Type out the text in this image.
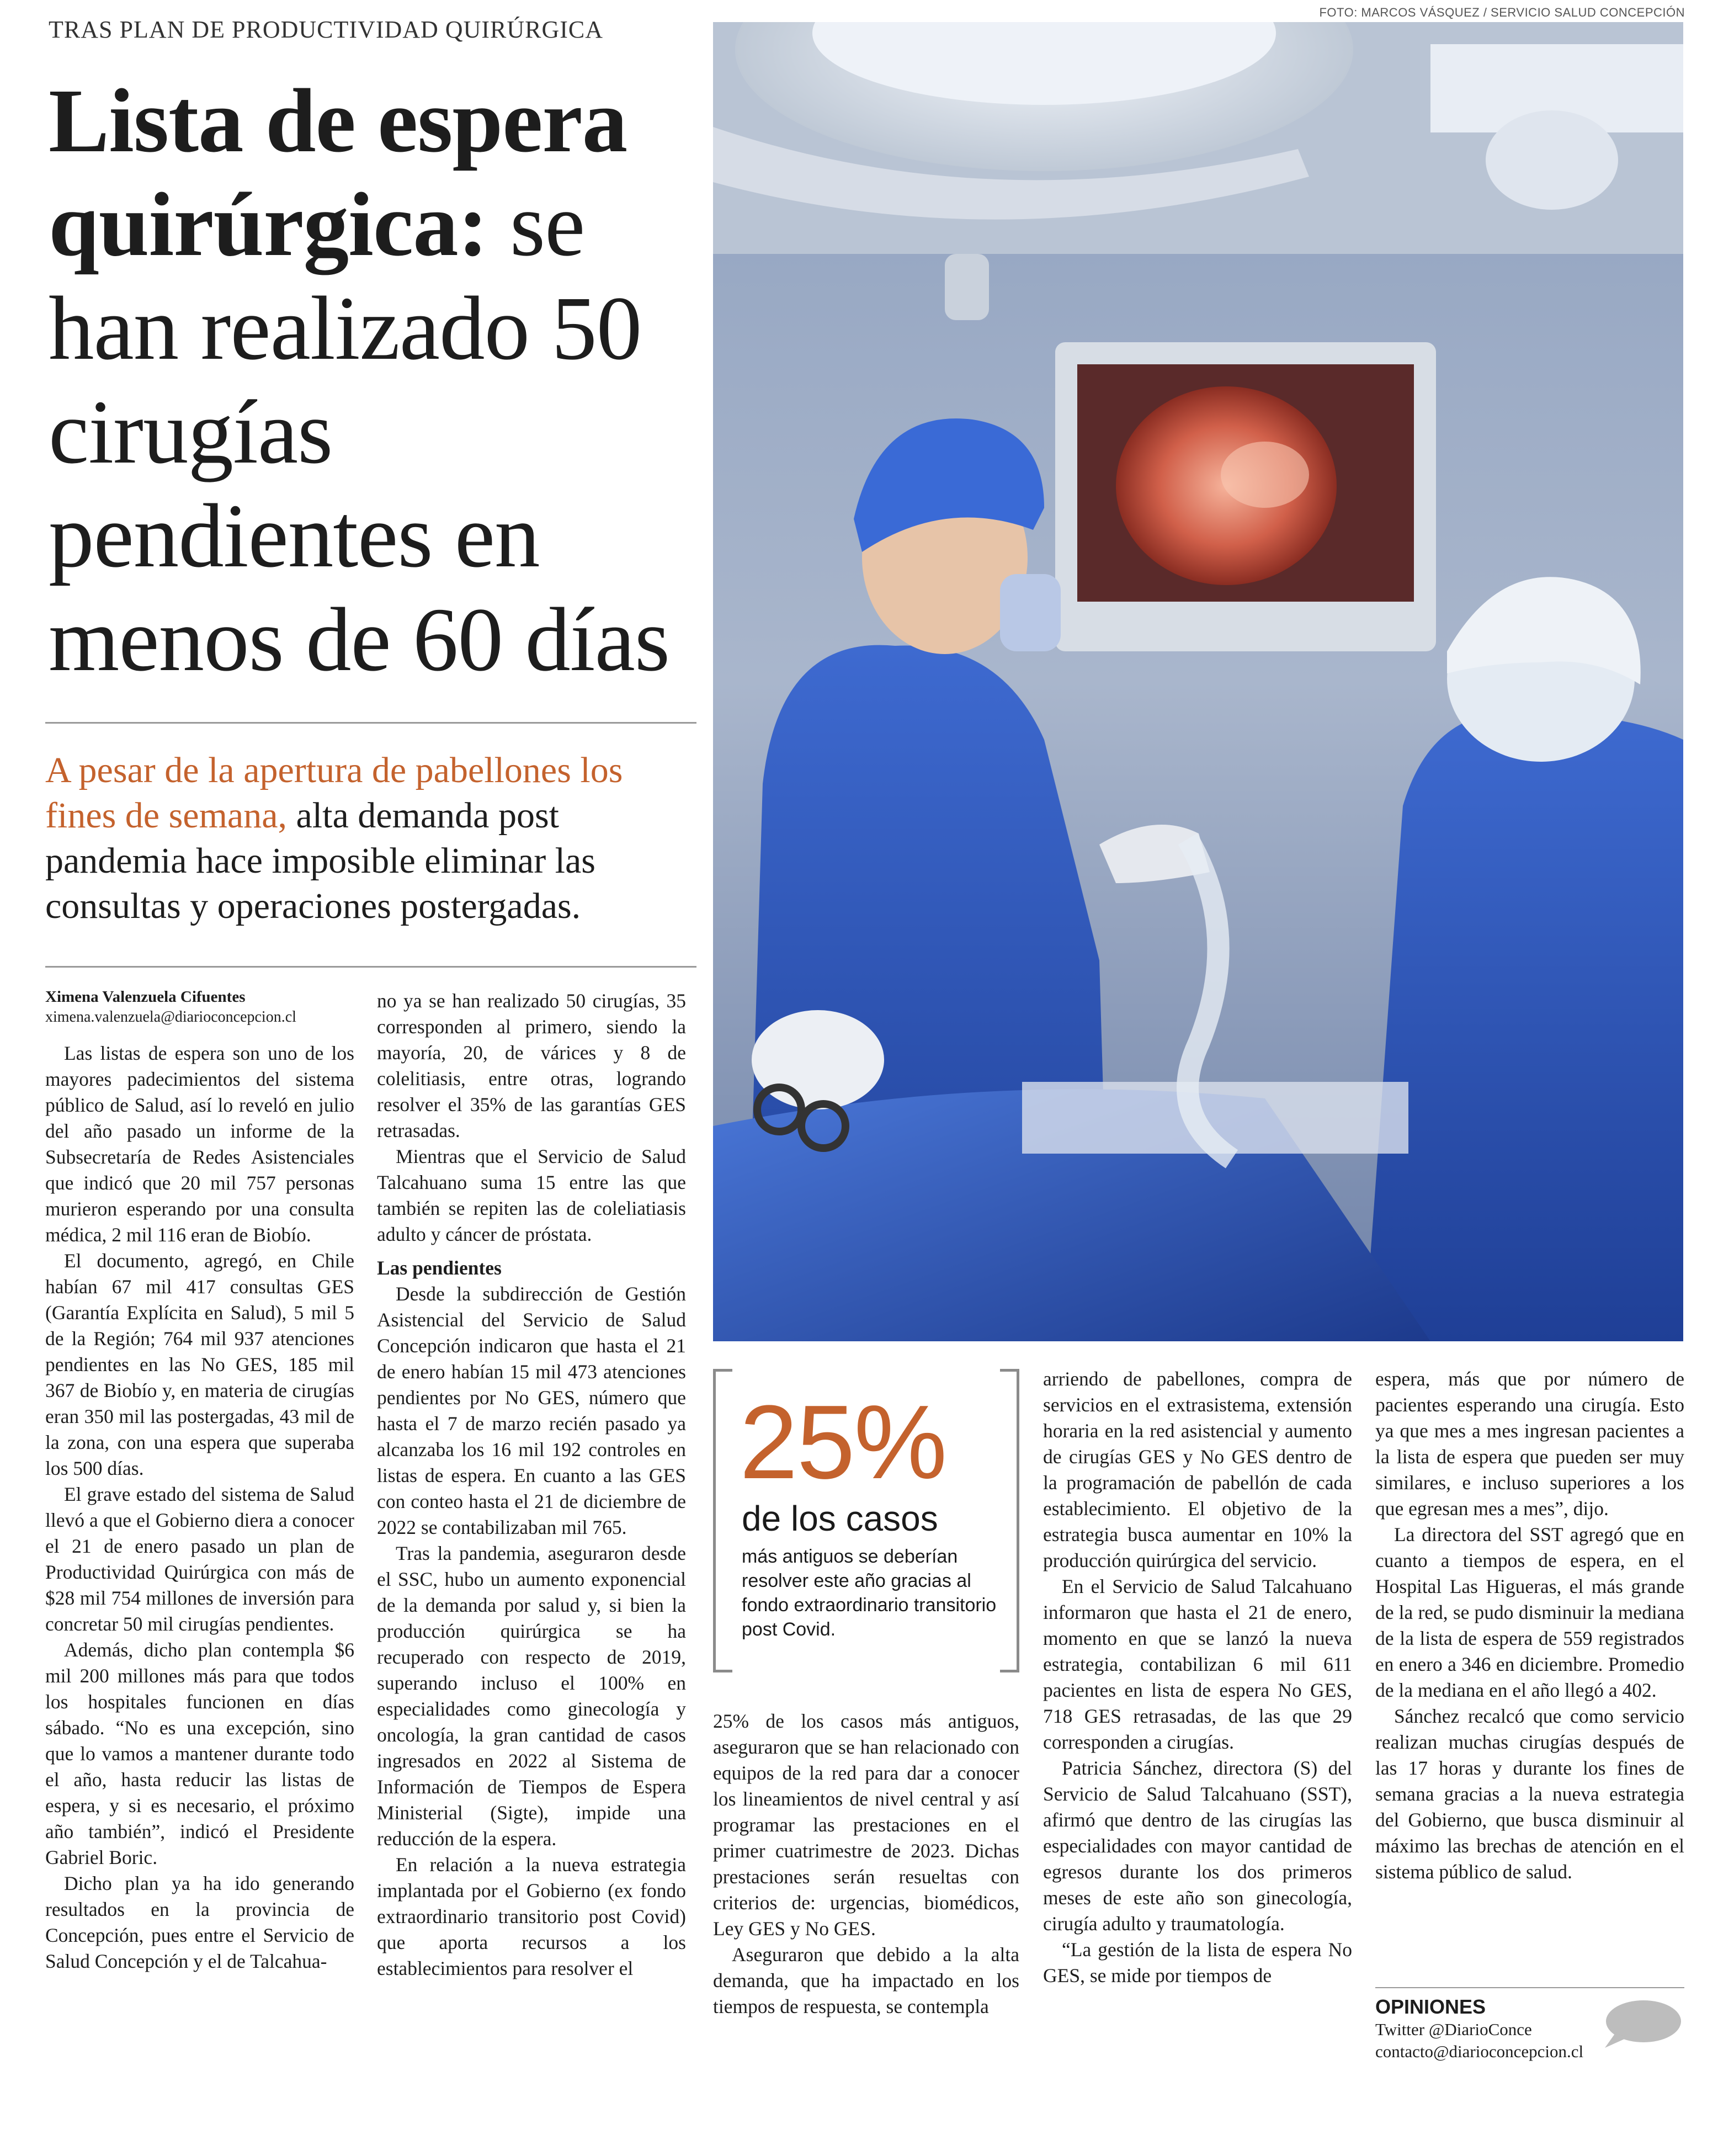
TRAS PLAN DE PRODUCTIVIDAD QUIRÚRGICA
Lista de espera quirúrgica: se han realizado 50 cirugías pendientes en menos de 60 días
A pesar de la apertura de pabellones los fines de semana, alta demanda post pandemia hace imposible eliminar las consultas y operaciones postergadas.
Ximena Valenzuela Cifuentes
ximena.valenzuela@diarioconcepcion.cl

Las listas de espera son uno de los mayores padecimientos del sistema público de Salud, así lo reveló en julio del año pasado un informe de la Subsecretaría de Redes Asistenciales que indicó que 20 mil 757 personas murieron esperando por una consulta médica, 2 mil 116 eran de Biobío.

El documento, agregó, en Chile habían 67 mil 417 consultas GES (Garantía Explícita en Salud), 5 mil 5 de la Región; 764 mil 937 atenciones pendientes en las No GES, 185 mil 367 de Biobío y, en materia de cirugías eran 350 mil las postergadas, 43 mil de la zona, con una espera que superaba los 500 días.

El grave estado del sistema de Salud llevó a que el Gobierno diera a conocer el 21 de enero pasado un plan de Productividad Quirúrgica con más de $28 mil 754 millones de inversión para concretar 50 mil cirugías pendientes.

Además, dicho plan contempla $6 mil 200 millones más para que todos los hospitales funcionen en días sábado. “No es una excepción, sino que lo vamos a mantener durante todo el año, hasta reducir las listas de espera, y si es necesario, el próximo año también”, indicó el Presidente Gabriel Boric.

Dicho plan ya ha ido generando resultados en la provincia de Concepción, pues entre el Servicio de Salud Concepción y el de Talcahua-

no ya se han realizado 50 cirugías, 35 corresponden al primero, siendo la mayoría, 20, de várices y 8 de colelitiasis, entre otras, logrando resolver el 35% de las garantías GES retrasadas.

Mientras que el Servicio de Salud Talcahuano suma 15 entre las que también se repiten las de coleliatiasis adulto y cáncer de próstata.

Las pendientes

Desde la subdirección de Gestión Asistencial del Servicio de Salud Concepción indicaron que hasta el 21 de enero habían 15 mil 473 atenciones pendientes por No GES, número que hasta el 7 de marzo recién pasado ya alcanzaba los 16 mil 192 controles en listas de espera. En cuanto a las GES con conteo hasta el 21 de diciembre de 2022 se contabilizaban mil 765.

Tras la pandemia, aseguraron desde el SSC, hubo un aumento exponencial de la demanda por salud y, si bien la producción quirúrgica se ha recuperado con respecto de 2019, superando incluso el 100% en especialidades como ginecología y oncología, la gran cantidad de casos ingresados en 2022 al Sistema de Información de Tiempos de Espera Ministerial (Sigte), impide una reducción de la espera.

En relación a la nueva estrategia implantada por el Gobierno (ex fondo extraordinario transitorio post Covid) que aporta recursos a los establecimientos para resolver el

FOTO: MARCOS VÁSQUEZ / SERVICIO SALUD CONCEPCIÓN
25%
de los casos
más antiguos se deberían resolver este año gracias al fondo extraordinario transitorio post Covid.

25% de los casos más antiguos, aseguraron que se han relacionado con equipos de la red para dar a conocer los lineamientos de nivel central y así programar las prestaciones en el primer cuatrimestre de 2023. Dichas prestaciones serán resueltas con criterios de: urgencias, biomédicos, Ley GES y No GES.

Aseguraron que debido a la alta demanda, que ha impactado en los tiempos de respuesta, se contempla

arriendo de pabellones, compra de servicios en el extrasistema, extensión horaria en la red asistencial y aumento de cirugías GES y No GES dentro de la programación de pabellón de cada establecimiento. El objetivo de la estrategia busca aumentar en 10% la producción quirúrgica del servicio.

En el Servicio de Salud Talcahuano informaron que hasta el 21 de enero, momento en que se lanzó la nueva estrategia, contabilizan 6 mil 611 pacientes en lista de espera No GES, 718 GES retrasadas, de las que 29 corresponden a cirugías.

Patricia Sánchez, directora (S) del Servicio de Salud Talcahuano (SST), afirmó que dentro de las cirugías las especialidades con mayor cantidad de egresos durante los dos primeros meses de este año son ginecología, cirugía adulto y traumatología.

“La gestión de la lista de espera No GES, se mide por tiempos de

espera, más que por número de pacientes esperando una cirugía. Esto ya que mes a mes ingresan pacientes a la lista de espera que pueden ser muy similares, e incluso superiores a los que egresan mes a mes”, dijo.

La directora del SST agregó que en cuanto a tiempos de espera, en el Hospital Las Higueras, el más grande de la red, se pudo disminuir la mediana de la lista de espera de 559 registrados en enero a 346 en diciembre. Promedio de la mediana en el año llegó a 402.

Sánchez recalcó que como servicio realizan muchas cirugías después de las 17 horas y durante los fines de semana gracias a la nueva estrategia del Gobierno, que busca disminuir al máximo las brechas de atención en el sistema público de salud.

OPINIONES
Twitter @DiarioConce
contacto@diarioconcepcion.cl
